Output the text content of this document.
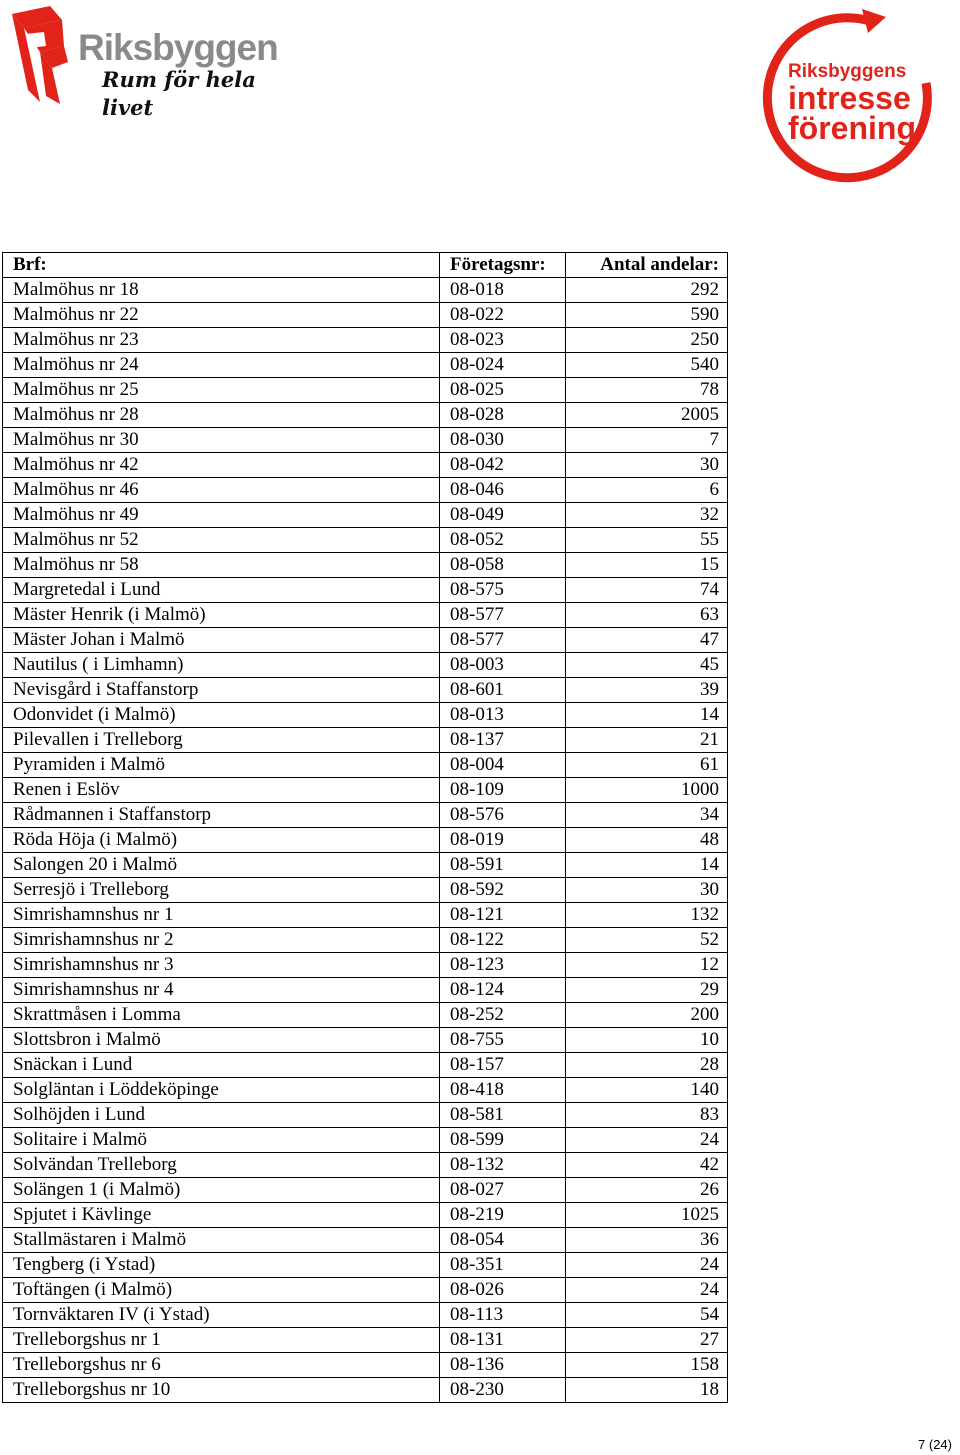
Riksbyggen
Rum för hela livet
Riksbyggens
intresse
förening
Brf:	Företagsnr:	Antal andelar:
Malmöhus nr 18	08-018	292
Malmöhus nr 22	08-022	590
Malmöhus nr 23	08-023	250
Malmöhus nr 24	08-024	540
Malmöhus nr 25	08-025	78
Malmöhus nr 28	08-028	2005
Malmöhus nr 30	08-030	7
Malmöhus nr 42	08-042	30
Malmöhus nr 46	08-046	6
Malmöhus nr 49	08-049	32
Malmöhus nr 52	08-052	55
Malmöhus nr 58	08-058	15
Margretedal i Lund	08-575	74
Mäster Henrik (i Malmö)	08-577	63
Mäster Johan i Malmö	08-577	47
Nautilus ( i Limhamn)	08-003	45
Nevisgård i Staffanstorp	08-601	39
Odonvidet (i Malmö)	08-013	14
Pilevallen i Trelleborg	08-137	21
Pyramiden i Malmö	08-004	61
Renen i Eslöv	08-109	1000
Rådmannen i Staffanstorp	08-576	34
Röda Höja (i Malmö)	08-019	48
Salongen 20 i Malmö	08-591	14
Serresjö i Trelleborg	08-592	30
Simrishamnshus nr 1	08-121	132
Simrishamnshus nr 2	08-122	52
Simrishamnshus nr 3	08-123	12
Simrishamnshus nr 4	08-124	29
Skrattmåsen i Lomma	08-252	200
Slottsbron i Malmö	08-755	10
Snäckan i Lund	08-157	28
Solgläntan i Löddeköpinge	08-418	140
Solhöjden i Lund	08-581	83
Solitaire i Malmö	08-599	24
Solvändan Trelleborg	08-132	42
Solängen 1 (i Malmö)	08-027	26
Spjutet i Kävlinge	08-219	1025
Stallmästaren i Malmö	08-054	36
Tengberg (i Ystad)	08-351	24
Toftängen (i Malmö)	08-026	24
Tornväktaren IV (i Ystad)	08-113	54
Trelleborgshus nr 1	08-131	27
Trelleborgshus nr 6	08-136	158
Trelleborgshus nr 10	08-230	18
7 (24)
